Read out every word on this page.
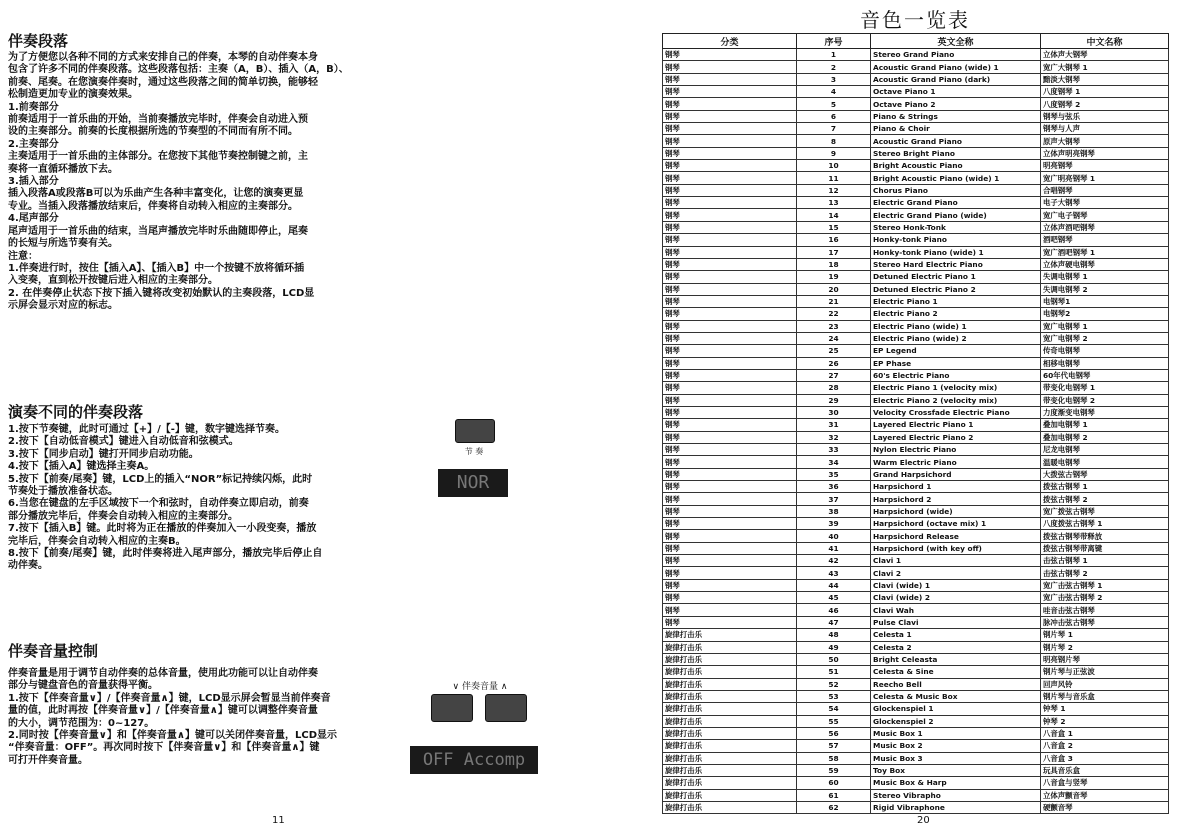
伴奏段落

为了方便您以各种不同的方式来安排自己的伴奏，本琴的自动伴奏本身

包含了许多不同的伴奏段落。这些段落包括：主奏（A，B）、插入（A，B）、

前奏、尾奏。在您演奏伴奏时，通过这些段落之间的简单切换，能够轻

松制造更加专业的演奏效果。

1.前奏部分

前奏适用于一首乐曲的开始，当前奏播放完毕时，伴奏会自动进入预

设的主奏部分。前奏的长度根据所选的节奏型的不同而有所不同。

2.主奏部分

主奏适用于一首乐曲的主体部分。在您按下其他节奏控制键之前，主

奏将一直循环播放下去。

3.插入部分

插入段落A或段落B可以为乐曲产生各种丰富变化，让您的演奏更显

专业。当插入段落播放结束后，伴奏将自动转入相应的主奏部分。

4.尾声部分

尾声适用于一首乐曲的结束，当尾声播放完毕时乐曲随即停止，尾奏

的长短与所选节奏有关。

注意：

1.伴奏进行时，按住【插入A】、【插入B】中一个按键不放将循环插

入变奏，直到松开按键后进入相应的主奏部分。

2. 在伴奏停止状态下按下插入键将改变初始默认的主奏段落，LCD显

示屏会显示对应的标志。

演奏不同的伴奏段落

1.按下节奏键，此时可通过【+】/【-】键，数字键选择节奏。

2.按下【自动低音模式】键进入自动低音和弦模式。

3.按下【同步启动】键打开同步启动功能。

4.按下【插入A】键选择主奏A。

5.按下【前奏/尾奏】键，LCD上的插入“NOR”标记持续闪烁，此时

节奏处于播放准备状态。

6.当您在键盘的左手区域按下一个和弦时，自动伴奏立即启动，前奏

部分播放完毕后，伴奏会自动转入相应的主奏部分。

7.按下【插入B】键。此时将为正在播放的伴奏加入一小段变奏，播放

完毕后，伴奏会自动转入相应的主奏B。

8.按下【前奏/尾奏】键，此时伴奏将进入尾声部分，播放完毕后停止自

动伴奏。

节 奏
NOR
伴奏音量控制

伴奏音量是用于调节自动伴奏的总体音量，使用此功能可以让自动伴奏

部分与键盘音色的音量获得平衡。

1.按下【伴奏音量∨】/【伴奏音量∧】键，LCD显示屏会暂显当前伴奏音

量的值，此时再按【伴奏音量∨】/【伴奏音量∧】键可以调整伴奏音量

的大小，调节范围为：0~127。

2.同时按【伴奏音量∨】和【伴奏音量∧】键可以关闭伴奏音量，LCD显示

“伴奏音量：OFF”。再次同时按下【伴奏音量∨】和【伴奏音量∧】键

可打开伴奏音量。

∨ 伴奏音量 ∧
OFF Accomp
11
音色一览表
分类	序号	英文全称	中文名称
钢琴	1	Stereo Grand Piano	立体声大钢琴
钢琴	2	Acoustic Grand Piano (wide) 1	宽广大钢琴 1
钢琴	3	Acoustic Grand Piano (dark)	黯淡大钢琴
钢琴	4	Octave Piano 1	八度钢琴 1
钢琴	5	Octave Piano 2	八度钢琴 2
钢琴	6	Piano & Strings	钢琴与弦乐
钢琴	7	Piano & Choir	钢琴与人声
钢琴	8	Acoustic Grand Piano	原声大钢琴
钢琴	9	Stereo Bright Piano	立体声明亮钢琴
钢琴	10	Bright Acoustic Piano	明亮钢琴
钢琴	11	Bright Acoustic Piano (wide) 1	宽广明亮钢琴 1
钢琴	12	Chorus Piano	合唱钢琴
钢琴	13	Electric Grand Piano	电子大钢琴
钢琴	14	Electric Grand Piano (wide)	宽广电子钢琴
钢琴	15	Stereo Honk-Tonk	立体声酒吧钢琴
钢琴	16	Honky-tonk Piano	酒吧钢琴
钢琴	17	Honky-tonk Piano (wide) 1	宽广酒吧钢琴 1
钢琴	18	Stereo Hard Electric Piano	立体声硬电钢琴
钢琴	19	Detuned Electric Piano 1	失调电钢琴 1
钢琴	20	Detuned Electric Piano 2	失调电钢琴 2
钢琴	21	Electric Piano 1	电钢琴1
钢琴	22	Electric Piano 2	电钢琴2
钢琴	23	Electric Piano (wide) 1	宽广电钢琴 1
钢琴	24	Electric Piano (wide) 2	宽广电钢琴 2
钢琴	25	EP Legend	传奇电钢琴
钢琴	26	EP Phase	相移电钢琴
钢琴	27	60's Electric Piano	60年代电钢琴
钢琴	28	Electric Piano 1 (velocity mix)	带变化电钢琴 1
钢琴	29	Electric Piano 2 (velocity mix)	带变化电钢琴 2
钢琴	30	Velocity Crossfade Electric Piano	力度渐变电钢琴
钢琴	31	Layered Electric Piano 1	叠加电钢琴 1
钢琴	32	Layered Electric Piano 2	叠加电钢琴 2
钢琴	33	Nylon Electric Piano	尼龙电钢琴
钢琴	34	Warm Electric Piano	温暖电钢琴
钢琴	35	Grand Harpsichord	大拨弦古钢琴
钢琴	36	Harpsichord 1	拨弦古钢琴 1
钢琴	37	Harpsichord 2	拨弦古钢琴 2
钢琴	38	Harpsichord (wide)	宽广拨弦古钢琴
钢琴	39	Harpsichord (octave mix) 1	八度拨弦古钢琴 1
钢琴	40	Harpsichord Release	拨弦古钢琴带释放
钢琴	41	Harpsichord (with key off)	拨弦古钢琴带离键
钢琴	42	Clavi 1	击弦古钢琴 1
钢琴	43	Clavi 2	击弦古钢琴 2
钢琴	44	Clavi (wide) 1	宽广击弦古钢琴 1
钢琴	45	Clavi (wide) 2	宽广击弦古钢琴 2
钢琴	46	Clavi Wah	哇音击弦古钢琴
钢琴	47	Pulse Clavi	脉冲击弦古钢琴
旋律打击乐	48	Celesta 1	钢片琴 1
旋律打击乐	49	Celesta 2	钢片琴 2
旋律打击乐	50	Bright Celeasta	明亮钢片琴
旋律打击乐	51	Celesta & Sine	钢片琴与正弦波
旋律打击乐	52	Reecho Bell	回声风铃
旋律打击乐	53	Celesta & Music Box	钢片琴与音乐盒
旋律打击乐	54	Glockenspiel 1	钟琴 1
旋律打击乐	55	Glockenspiel 2	钟琴 2
旋律打击乐	56	Music Box 1	八音盒 1
旋律打击乐	57	Music Box 2	八音盒 2
旋律打击乐	58	Music Box 3	八音盒 3
旋律打击乐	59	Toy Box	玩具音乐盒
旋律打击乐	60	Music Box & Harp	八音盒与竖琴
旋律打击乐	61	Stereo Vibrapho	立体声颤音琴
旋律打击乐	62	Rigid Vibraphone	硬颤音琴
20
